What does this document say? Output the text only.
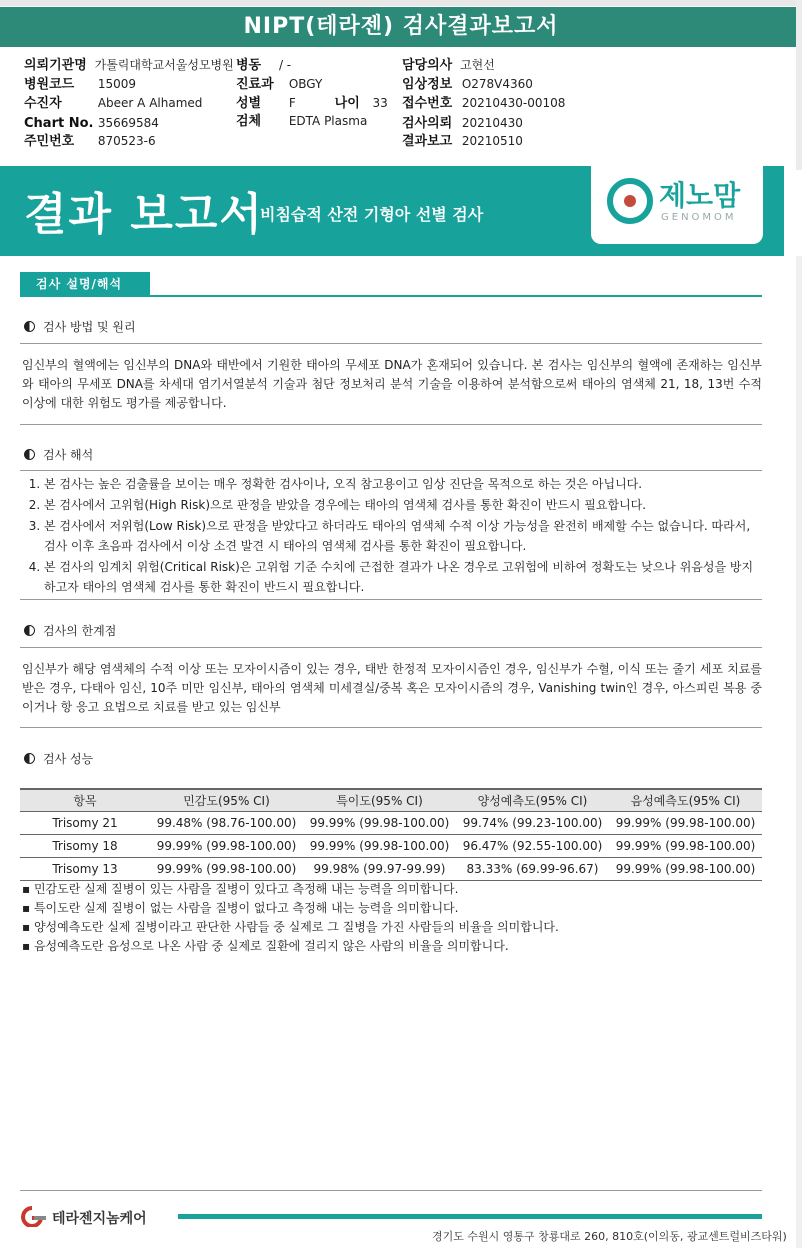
NIPT(테라젠) 검사결과보고서
의뢰기관명 가톨릭대학교서울성모병원 병동 / -	담당의사 고현선
병원코드 15009	진료과 OBGY	임상정보 O278V4360
수진자	Abeer A Alhamed	성별 F	나이 33 접수번호 20210430-00108
Chart No. 35669584	검체 EDTA Plasma	검사의뢰 20210430
주민번호 870523-6	결과보고 20210510
결과 보고서
비침습적 산전 기형아 선별 검사
제노맘
GENOMOM
검사 설명/해석
검사 방법 및 원리
임신부의 혈액에는 임신부의 DNA와 태반에서 기원한 태아의 무세포 DNA가 혼재되어 있습니다. 본 검사는 임신부의 혈액에 존재하는 임신부와 태아의 무세포 DNA를 차세대 염기서열분석 기술과 첨단 정보처리 분석 기술을 이용하여 분석함으로써 태아의 염색체 21, 18, 13번 수적 이상에 대한 위험도 평가를 제공합니다.
검사 해석
1. 본 검사는 높은 검출률을 보이는 매우 정확한 검사이나, 오직 참고용이고 임상 진단을 목적으로 하는 것은 아닙니다.
2. 본 검사에서 고위험(High Risk)으로 판정을 받았을 경우에는 태아의 염색체 검사를 통한 확진이 반드시 필요합니다.
3. 본 검사에서 저위험(Low Risk)으로 판정을 받았다고 하더라도 태아의 염색체 수적 이상 가능성을 완전히 배제할 수는 없습니다. 따라서, 검사 이후 초음파 검사에서 이상 소견 발견 시 태아의 염색체 검사를 통한 확진이 필요합니다.
4. 본 검사의 임계치 위험(Critical Risk)은 고위험 기준 수치에 근접한 결과가 나온 경우로 고위험에 비하여 정확도는 낮으나 위음성을 방지하고자 태아의 염색체 검사를 통한 확진이 반드시 필요합니다.
검사의 한계점
임신부가 해당 염색체의 수적 이상 또는 모자이시즘이 있는 경우, 태반 한정적 모자이시즘인 경우, 임신부가 수혈, 이식 또는 줄기 세포 치료를 받은 경우, 다태아 임신, 10주 미만 임신부, 태아의 염색체 미세결실/중복 혹은 모자이시즘의 경우, Vanishing twin인 경우, 아스피린 복용 중이거나 항 응고 요법으로 치료를 받고 있는 임신부
검사 성능
항목	민감도(95% CI)	특이도(95% CI)	양성예측도(95% CI)	음성예측도(95% CI)
Trisomy 21	99.48% (98.76-100.00)	99.99% (99.98-100.00)	99.74% (99.23-100.00)	99.99% (99.98-100.00)
Trisomy 18	99.99% (99.98-100.00)	99.99% (99.98-100.00)	96.47% (92.55-100.00)	99.99% (99.98-100.00)
Trisomy 13	99.99% (99.98-100.00)	99.98% (99.97-99.99)	83.33% (69.99-96.67)	99.99% (99.98-100.00)
▪ 민감도란 실제 질병이 있는 사람을 질병이 있다고 측정해 내는 능력을 의미합니다.
▪ 특이도란 실제 질병이 없는 사람을 질병이 없다고 측정해 내는 능력을 의미합니다.
▪ 양성예측도란 실제 질병이라고 판단한 사람들 중 실제로 그 질병을 가진 사람들의 비율을 의미합니다.
▪ 음성예측도란 음성으로 나온 사람 중 실제로 질환에 걸리지 않은 사람의 비율을 의미합니다.
테라젠지놈케어
경기도 수원시 영통구 창룡대로 260, 810호(이의동, 광교센트럴비즈타워)
